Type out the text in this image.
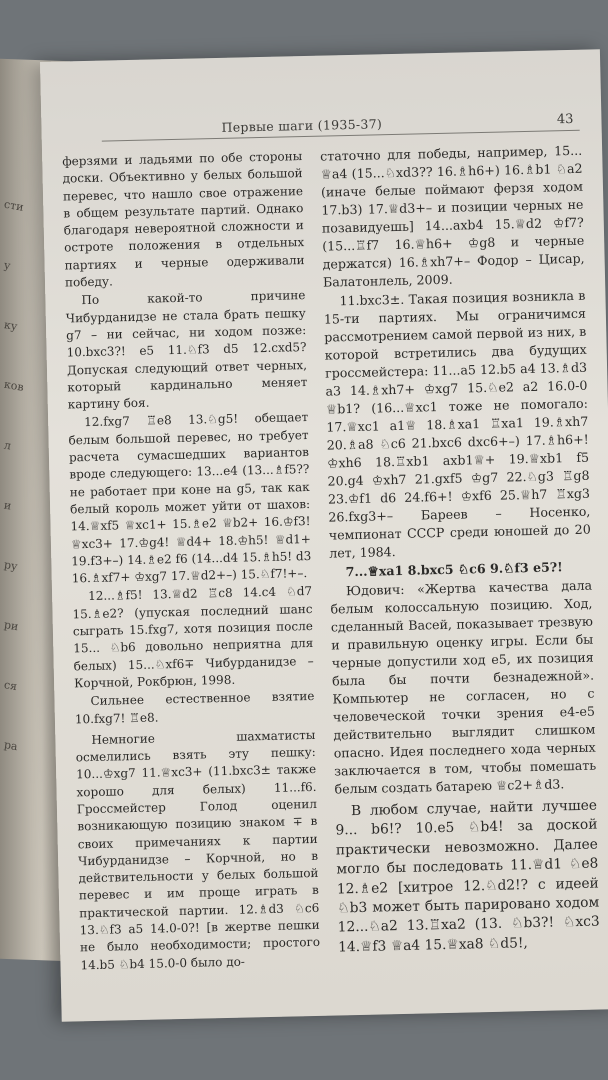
сти
у
ку
ков
л
и
ру
ри
ся
ра
Первые шаги (1935-37)	43

ферзями и ладьями по обе стороны доски. Объективно у белых большой перевес, что нашло свое отражение в общем результате партий. Однако благодаря невероятной сложности и остроте положения в отдельных партиях и черные одерживали победу.

По какой-то причине Чибурданидзе не стала брать пешку g7 – ни сейчас, ни ходом позже: 10.bxc3?! e5 11.♘f3 d5 12.cxd5? Допуская следующий ответ черных, который кардинально меняет картину боя.

12.fxg7 ♖e8 13.♘g5! обещает белым большой перевес, но требует расчета сумасшедших вариантов вроде следующего: 13...e4 (13...♗f5?? не работает при коне на g5, так как белый король может уйти от шахов: 14.♕xf5 ♕xc1+ 15.♗e2 ♕b2+ 16.♔f3! ♕xc3+ 17.♔g4! ♕d4+ 18.♔h5! ♕d1+ 19.f3+–) 14.♗e2 f6 (14...d4 15.♗h5! d3 16.♗xf7+ ♔xg7 17.♕d2+–) 15.♘f7!+–.

12...♗f5! 13.♕d2 ♖c8 14.c4 ♘d7 15.♗e2? (упуская последний шанс сыграть 15.fxg7, хотя позиция после 15... ♘b6 довольно неприятна для белых) 15...♘xf6∓ Чибурданидзе – Корчной, Рокбрюн, 1998.

Сильнее естественное взятие 10.fxg7! ♖e8.

Немногие шахматисты осмелились взять эту пешку: 10...♔xg7 11.♕xc3+ (11.bxc3± также хорошо для белых) 11...f6. Гроссмейстер Голод оценил возникающую позицию знаком ∓ в своих примечаниях к партии Чибурданидзе – Корчной, но в действительности у белых большой перевес и им проще играть в практической партии. 12.♗d3 ♘c6 13.♘f3 a5 14.0-0?! [в жертве пешки не было необходимости; простого 14.b5 ♘b4 15.0-0 было до-

статочно для победы, например, 15... ♕a4 (15...♘xd3?? 16.♗h6+) 16.♗b1 ♘a2 (иначе белые поймают ферзя ходом 17.b3) 17.♕d3+– и позиции черных не позавидуешь] 14...axb4 15.♕d2 ♔f7? (15...♖f7 16.♕h6+ ♔g8 и черные держатся) 16.♗xh7+– Фодор – Цисар, Балатонлель, 2009.

11.bxc3±. Такая позиция возникла в 15-ти партиях. Мы ограничимся рассмотрением самой первой из них, в которой встретились два будущих гроссмейстера: 11...a5 12.b5 a4 13.♗d3 a3 14.♗xh7+ ♔xg7 15.♘e2 a2 16.0-0 ♕b1? (16...♕xc1 тоже не помогало: 17.♕xc1 a1♕ 18.♗xa1 ♖xa1 19.♗xh7 20.♗a8 ♘c6 21.bxc6 dxc6+–) 17.♗h6+! ♔xh6 18.♖xb1 axb1♕+ 19.♕xb1 f5 20.g4 ♔xh7 21.gxf5 ♔g7 22.♘g3 ♖g8 23.♔f1 d6 24.f6+! ♔xf6 25.♕h7 ♖xg3 26.fxg3+– Бареев – Носенко, чемпионат СССР среди юношей до 20 лет, 1984.

7...♕xa1 8.bxc5 ♘c6 9.♘f3 e5?!

Юдович: «Жертва качества дала белым колоссальную позицию. Ход, сделанный Васей, показывает трезвую и правильную оценку игры. Если бы черные допустили ход e5, их позиция была бы почти безнадежной». Компьютер не согласен, но с человеческой точки зрения e4-e5 действительно выглядит слишком опасно. Идея последнего хода черных заключается в том, чтобы помешать белым создать батарею ♕c2+♗d3.

В любом случае, найти лучшее 9... b6!? 10.e5 ♘b4! за доской практически невозможно. Далее могло бы последовать 11.♕d1 ♘e8 12.♗e2 [хитрое 12.♘d2!? с идеей ♘b3 может быть парировано ходом 12...♘a2 13.♖xa2 (13. ♘b3?! ♘xc3 14.♕f3 ♕a4 15.♕xa8 ♘d5!,
